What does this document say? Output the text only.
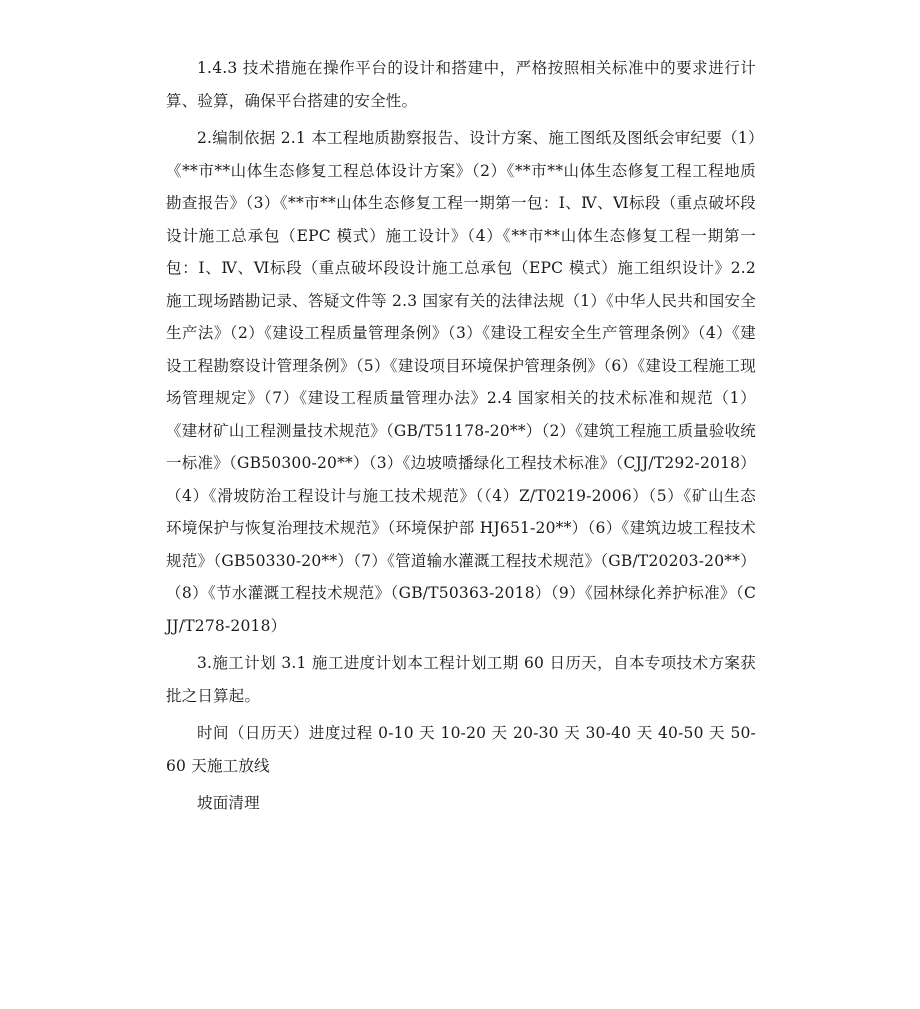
1.4.3 技术措施在操作平台的设计和搭建中，严格按照相关标准中的要求进行计算、验算，确保平台搭建的安全性。

2.编制依据 2.1 本工程地质勘察报告、设计方案、施工图纸及图纸会审纪要（1）《**市**山体生态修复工程总体设计方案》（2）《**市**山体生态修复工程工程地质勘查报告》（3）《**市**山体生态修复工程一期第一包：Ⅰ、Ⅳ、Ⅵ标段（重点破坏段设计施工总承包（EPC 模式）施工设计》（4）《**市**山体生态修复工程一期第一包：Ⅰ、Ⅳ、Ⅵ标段（重点破坏段设计施工总承包（EPC 模式）施工组织设计》2.2 施工现场踏勘记录、答疑文件等 2.3 国家有关的法律法规（1）《中华人民共和国安全生产法》（2）《建设工程质量管理条例》（3）《建设工程安全生产管理条例》（4）《建设工程勘察设计管理条例》（5）《建设项目环境保护管理条例》（6）《建设工程施工现场管理规定》（7）《建设工程质量管理办法》2.4 国家相关的技术标准和规范（1）《建材矿山工程测量技术规范》（GB/T51178-20**）（2）《建筑工程施工质量验收统一标准》（GB50300-20**）（3）《边坡喷播绿化工程技术标准》（CJJ/T292-2018）（4）《滑坡防治工程设计与施工技术规范》（（4）Z/T0219-2006）（5）《矿山生态环境保护与恢复治理技术规范》（环境保护部 HJ651-20**）（6）《建筑边坡工程技术规范》（GB50330-20**）（7）《管道输水灌溉工程技术规范》（GB/T20203-20**）（8）《节水灌溉工程技术规范》（GB/T50363-2018）（9）《园林绿化养护标准》（CJJ/T278-2018）

3.施工计划 3.1 施工进度计划本工程计划工期 60 日历天，自本专项技术方案获批之日算起。

时间（日历天）进度过程 0-10 天 10-20 天 20-30 天 30-40 天 40-50 天 50-60 天施工放线

坡面清理
